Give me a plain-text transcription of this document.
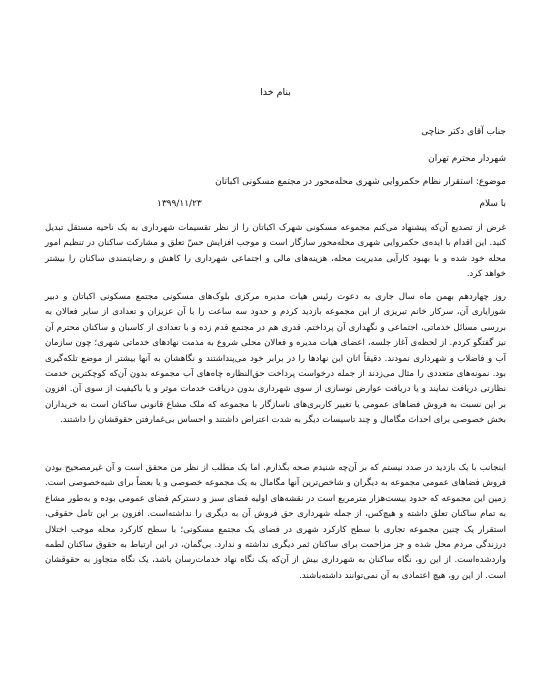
بنام خدا
جناب آقای دکتر حناچی
شهردار محترم تهران
موضوع: استقرار نظام حکمروایی شهری محله‌محور در مجتمع مسکونی اکباتان
با سلام
۱۳۹۹/۱۱/۲۳
غرض از تصدیع آن‌که پیشنهاد می‌کنم مجموعه مسکونی شهرک اکباتان را از نظر تقسیمات شهرداری به یک ناحیه مستقل تبدیل کنید. این اقدام با ایده‌ی حکمروایی شهری محله‌محور سازگار است و موجب افزایش حسّ تعلق و مشارکت ساکنان در تنظیم امور محله خود شده و با بهبود کارآیی مدیریت محله، هزینه‌های مالی و اجتماعی شهرداری را کاهش و رضایتمندی ساکنان را بیشتر خواهد کرد.
روز چهاردهم بهمن ماه سال جاری به دعوت رئیس هیات مدیره مرکزی بلوک‌های مسکونی مجتمع مسکونی اکباتان و دبیر شورایاری آن، سرکار خانم تبریزی از این مجموعه بازدید کردم و حدود سه ساعت را با آن عزیزان و تعدادی از سایر فعالان به بررسی مسائل خدماتی، اجتماعی و نگهداری آن پرداختم. قدری هم در مجتمع قدم زده و با تعدادی از کاسبان و ساکنان محترم آن نیز گفتگو کردم. از لحظه‌ی آغاز جلسه، اعضای هیات مدیره و فعالان محلی شروع به مذمت نهادهای خدماتی شهری؛ چون سازمان آب و فاضلاب و شهرداری نمودند. دقیقاً اتان این نهادها را در برابر خود می‌پنداشتند و نگاهشان به آنها بیشتر از موضع تلکه‌گیری بود. نمونه‌های متعددی را مثال می‌زدند از جمله درخواست پرداخت حق‌النظاره چاه‌های آب مجموعه بدون آن‌که کوچکترین خدمت نظارتی دریافت نمایند و یا دریافت عوارض نوسازی از سوی شهرداری بدون دریافت خدمات موثر و یا باکیفیت از سوی آن. افزون بر این نسبت به فروش فضاهای عمومی یا تغییر کاربری‌های ناسازگار با مجموعه که ملک مشاع قانونی ساکنان است به خریداران بخش خصوصی برای احداث مگامال و چند تاسیسات دیگر به شدت اعتراض داشتند و احساس بی‌غمارفتن حقوقشان را داشتند.
اینجانب با یک بازدید در صدد نیستم که بر آن‌چه شنیدم صحه بگذارم. اما یک مطلب از نظر من محقق است و آن غیرمصحیح بودن فروش فضاهای عمومی مجموعه به دیگران و شاخص‌ترین آنها مگامال به یک مجموعه خصوصی و یا بعضاً برای شبه‌خصوصی است. زمین این مجموعه که حدود بیست‌هزار مترمربع است در نقشه‌های اولیه فضای سبز و دسترکم فضای عمومی بوده و به‌طور مشاع به تمام ساکنان تعلق داشته و هیچ‌کس، از جمله شهرداری حق فروش آن به دیگری را نداشته‌است. افزون بر این تامل حقوقی، استقرار یک چنین مجموعه تجاری با سطح کارکرد شهری در فضای یک مجتمع مسکونی؛ با سطح کارکرد محله موجب اختلال درزندگی مردم محل شده و جز مزاحمت برای ساکنان ثمر دیگری نداشته و ندارد. بی‌گمان، در این ارتباط به حقوق ساکنان لطمه واردشده‌است. از این رو، نگاه ساکنان به شهرداری بیش از آن‌که یک نگاه نهاد خدمات‌رسان باشد، یک نگاه متجاوز به حقوقشان است. از این رو، هیچ اعتمادی به آن نمی‌توانند داشته‌باشند.
